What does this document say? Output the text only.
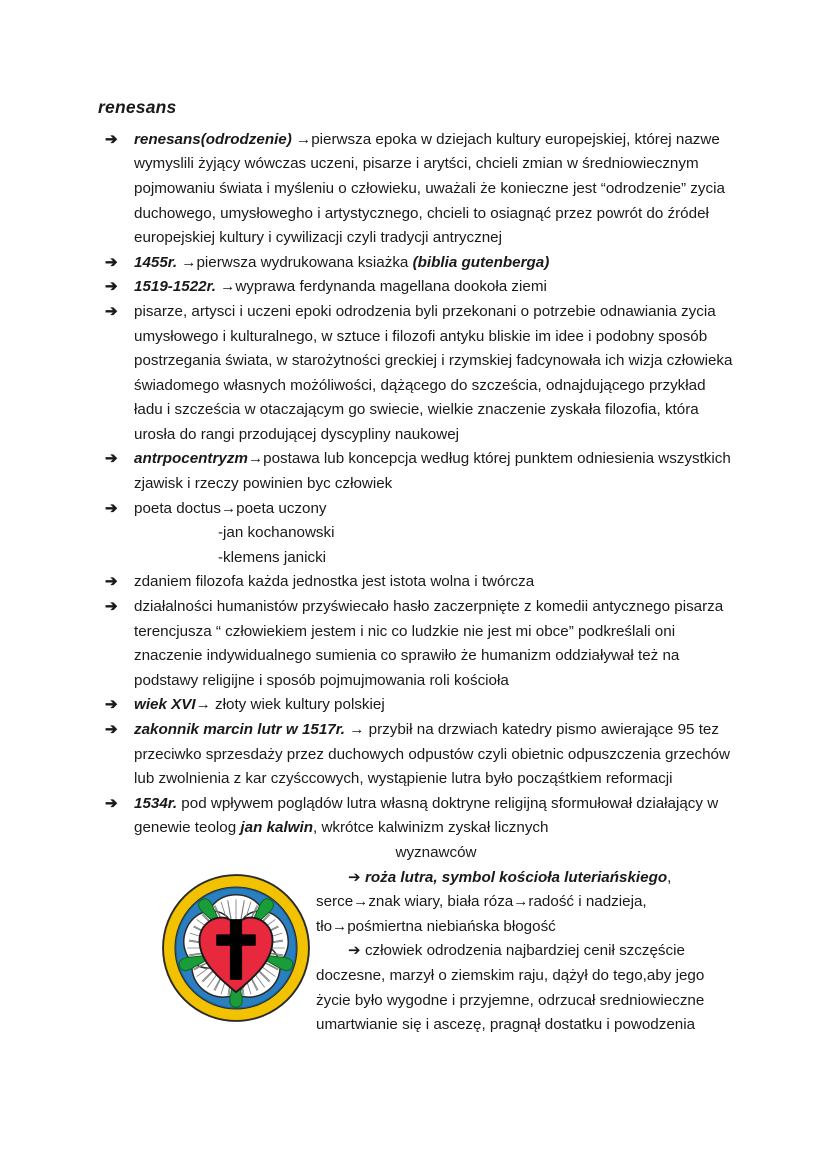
renesans
➔ renesans(odrodzenie) →pierwsza epoka w dziejach kultury europejskiej, której nazwe wymyslili żyjący wówczas uczeni, pisarze i arytści, chcieli zmian w średniowiecznym pojmowaniu świata i myśleniu o człowieku, uważali że konieczne jest “odrodzenie” zycia duchowego, umysłowegho i artystycznego, chcieli to osiagnąć przez powrót do źródeł europejskiej kultury i cywilizacji czyli tradycji antrycznej
➔ 1455r. →pierwsza wydrukowana ksiażka (biblia gutenberga)
➔ 1519-1522r. →wyprawa ferdynanda magellana dookoła ziemi
➔ pisarze, artysci i uczeni epoki odrodzenia byli przekonani o potrzebie odnawiania zycia umysłowego i kulturalnego, w sztuce i filozofi antyku bliskie im idee i podobny sposób postrzegania świata, w starożytności greckiej i rzymskiej fadcynowała ich wizja człowieka świadomego własnych możóliwości, dążącego do szcześcia, odnajdującego przykład ładu i szcześcia w otaczającym go swiecie, wielkie znaczenie zyskała filozofia, która urosła do rangi przodującej dyscypliny naukowej
➔ antrpocentryzm→postawa lub koncepcja według której punktem odniesienia wszystkich zjawisk i rzeczy powinien byc człowiek
➔ poeta doctus→poeta uczony
-jan kochanowski
-klemens janicki
➔ zdaniem filozofa każda jednostka jest istota wolna i twórcza
➔ działalności humanistów przyświecało hasło zaczerpnięte z komedii antycznego pisarza terencjusza “ człowiekiem jestem i nic co ludzkie nie jest mi obce” podkreślali oni znaczenie indywidualnego sumienia co sprawiło że humanizm oddziaływał też na podstawy religijne i sposób pojmujmowania roli kościoła
➔ wiek XVI→ złoty wiek kultury polskiej
➔ zakonnik marcin lutr w 1517r. → przybił na drzwiach katedry pismo awierające 95 tez przeciwko sprzesdaży przez duchowych odpustów czyli obietnic odpuszczenia grzechów lub zwolnienia z kar czyśccowych, wystąpienie lutra było począśtkiem reformacji
➔ 1534r. pod wpływem poglądów lutra własną doktryne religijną sformułował działający w genewie teolog jan kalwin, wkrótce kalwinizm zyskał licznych

wyznawców

➔ roża lutra, symbol kościoła luteriańskiego, serce→znak wiary, biała róza→radość i nadzieja, tło→pośmiertna niebiańska błogość

➔ człowiek odrodzenia najbardziej cenił szczęście doczesne, marzył o ziemskim raju, dążył do tego,aby jego życie było wygodne i przyjemne, odrzucał sredniowieczne umartwianie się i ascezę, pragnął dostatku i powodzenia
